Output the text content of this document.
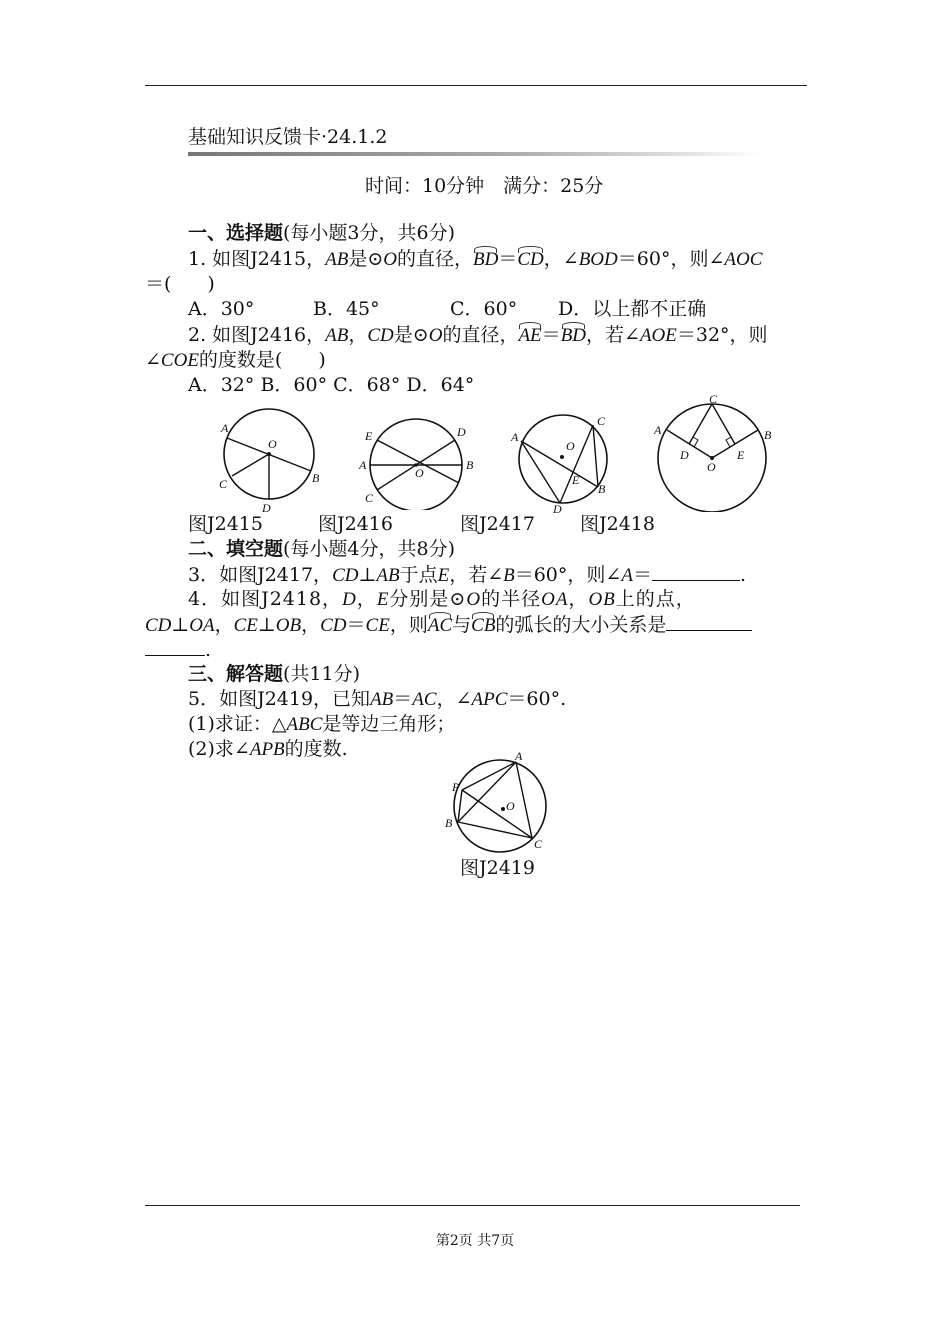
基础知识反馈卡·24.1.2
时间：10分钟　满分：25分
一、选择题(每小题3分，共6分)
1. 如图J2415，AB是⊙O的直径，BD＝CD，∠BOD＝60°，则∠AOC
＝( )
A．30°	B．45°	C．60° D．以上都不正确
2. 如图J2416，AB，CD是⊙O的直径，AE＝BD，若∠AOE＝32°，则
∠COE的度数是( )
A．32° B．60° C．68° D．64°
A
O
B
C
D
E	D
A
O
B
C
A
O
C
E
B
D
C
A	B
D
O
E
图J2415	图J2416	图J2417 图J2418
二、填空题(每小题4分，共8分)
3．如图J2417，CD⊥AB于点E，若∠B＝60°，则∠A＝	.
4．如图J2418，D，E分别是⊙O的半径OA，OB上的点，
CD⊥OA，CE⊥OB，CD＝CE，则AC与CB的弧长的大小关系是
.
三、解答题(共11分)
5．如图J2419，已知AB＝AC，∠APC＝60°.
(1)求证：△ABC是等边三角形；
(2)求∠APB的度数.	A
P
O
B
C
图J2419
第2页 共7页
